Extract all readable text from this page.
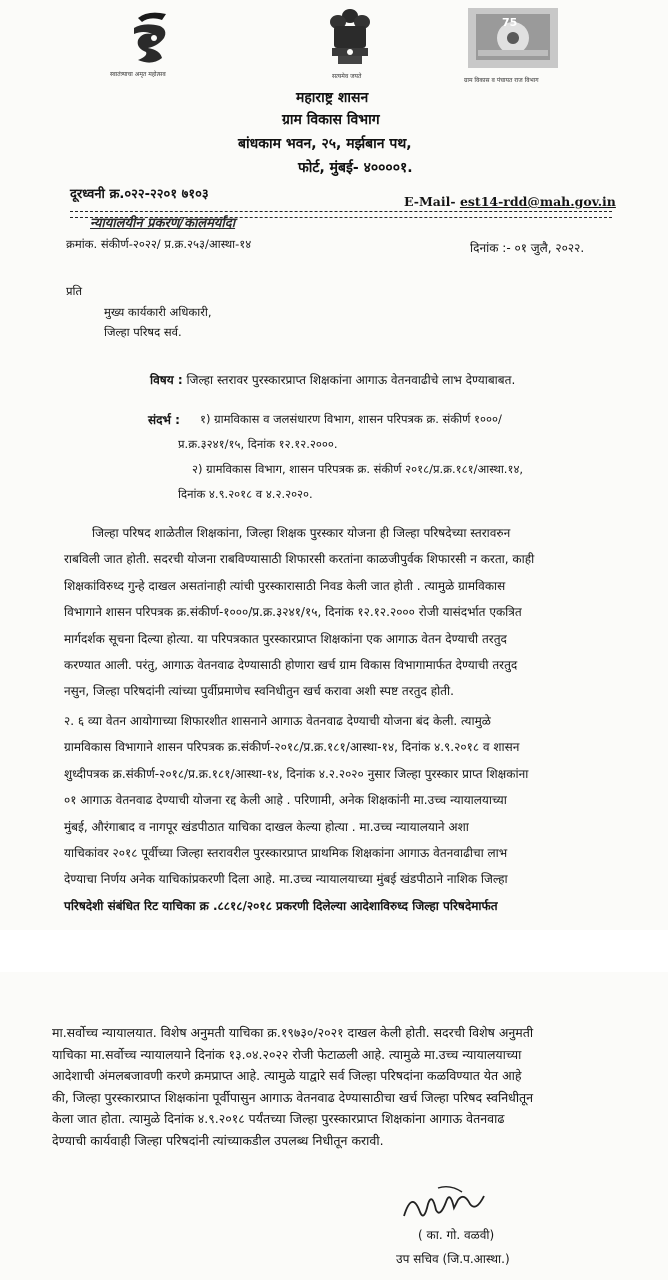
स्वातंत्र्याचा अमृत महोत्सव	सत्यमेव जयते
75
ग्राम विकास व पंचायत राज विभाग
महाराष्ट्र शासन
ग्राम विकास विभाग
बांधकाम भवन, २५, मर्झबान पथ,
फोर्ट, मुंबई- ४००००१.
दूरध्वनी क्र.०२२-२२०१ ७१०३	E-Mail- est14-rdd@mah.gov.in
न्यायालयीन प्रकरण/कालमर्यादा
क्रमांक. संकीर्ण-२०२२/ प्र.क्र.२५३/आस्था-१४	दिनांक :- ०१ जुलै, २०२२.
प्रति
मुख्य कार्यकारी अधिकारी,
जिल्हा परिषद सर्व.
विषय : जिल्हा स्तरावर पुरस्कारप्राप्त शिक्षकांना आगाऊ वेतनवाढीचे लाभ देण्याबाबत.
संदर्भ : १) ग्रामविकास व जलसंधारण विभाग, शासन परिपत्रक क्र. संकीर्ण १०००/
प्र.क्र.३२४१/१५, दिनांक १२.१२.२०००.
२) ग्रामविकास विभाग, शासन परिपत्रक क्र. संकीर्ण २०१८/प्र.क्र.१८१/आस्था.१४,
दिनांक ४.९.२०१८ व ४.२.२०२०.
जिल्हा परिषद शाळेतील शिक्षकांना, जिल्हा शिक्षक पुरस्कार योजना ही जिल्हा परिषदेच्या स्तरावरुन
राबविली जात होती. सदरची योजना राबविण्यासाठी शिफारसी करतांना काळजीपुर्वक शिफारसी न करता, काही
शिक्षकांविरुध्द गुन्हे दाखल असतांनाही त्यांची पुरस्कारासाठी निवड केली जात होती . त्यामुळे ग्रामविकास
विभागाने शासन परिपत्रक क्र.संकीर्ण-१०००/प्र.क्र.३२४१/१५, दिनांक १२.१२.२००० रोजी यासंदर्भात एकत्रित
मार्गदर्शक सूचना दिल्या होत्या. या परिपत्रकात पुरस्कारप्राप्त शिक्षकांना एक आगाऊ वेतन देण्याची तरतुद
करण्यात आली. परंतु, आगाऊ वेतनवाढ देण्यासाठी होणारा खर्च ग्राम विकास विभागामार्फत देण्याची तरतुद
नसुन, जिल्हा परिषदांनी त्यांच्या पुर्वीप्रमाणेच स्वनिधीतुन खर्च करावा अशी स्पष्ट तरतुद होती.
२. ६ व्या वेतन आयोगाच्या शिफारशीत शासनाने आगाऊ वेतनवाढ देण्याची योजना बंद केली. त्यामुळे
ग्रामविकास विभागाने शासन परिपत्रक क्र.संकीर्ण-२०१८/प्र.क्र.१८१/आस्था-१४, दिनांक ४.९.२०१८ व शासन
शुध्दीपत्रक क्र.संकीर्ण-२०१८/प्र.क्र.१८१/आस्था-१४, दिनांक ४.२.२०२० नुसार जिल्हा पुरस्कार प्राप्त शिक्षकांना
०१ आगाऊ वेतनवाढ देण्याची योजना रद्द केली आहे . परिणामी, अनेक शिक्षकांनी मा.उच्च न्यायालयाच्या
मुंबई, औरंगाबाद व नागपूर खंडपीठात याचिका दाखल केल्या होत्या . मा.उच्च न्यायालयाने अशा
याचिकांवर २०१८ पूर्वीच्या जिल्हा स्तरावरील पुरस्कारप्राप्त प्राथमिक शिक्षकांना आगाऊ वेतनवाढीचा लाभ
देण्याचा निर्णय अनेक याचिकांप्रकरणी दिला आहे. मा.उच्च न्यायालयाच्या मुंबई खंडपीठाने नाशिक जिल्हा
परिषदेशी संबंधित रिट याचिका क्र .८८१८/२०१८ प्रकरणी दिलेल्या आदेशाविरुध्द जिल्हा परिषदेमार्फत
मा.सर्वोच्च न्यायालयात. विशेष अनुमती याचिका क्र.१९७३०/२०२१ दाखल केली होती. सदरची विशेष अनुमती
याचिका मा.सर्वोच्च न्यायालयाने दिनांक १३.०४.२०२२ रोजी फेटाळली आहे. त्यामुळे मा.उच्च न्यायालयाच्या
आदेशाची अंमलबजावणी करणे क्रमप्राप्त आहे. त्यामुळे याद्वारे सर्व जिल्हा परिषदांना कळविण्यात येत आहे
की, जिल्हा पुरस्कारप्राप्त शिक्षकांना पूर्वीपासुन आगाऊ वेतनवाढ देण्यासाठीचा खर्च जिल्हा परिषद स्वनिधीतून
केला जात होता. त्यामुळे दिनांक ४.९.२०१८ पर्यंतच्या जिल्हा पुरस्कारप्राप्त शिक्षकांना आगाऊ वेतनवाढ
देण्याची कार्यवाही जिल्हा परिषदांनी त्यांच्याकडील उपलब्ध निधीतून करावी.
( का. गो. वळवी)
उप सचिव (जि.प.आस्था.)
